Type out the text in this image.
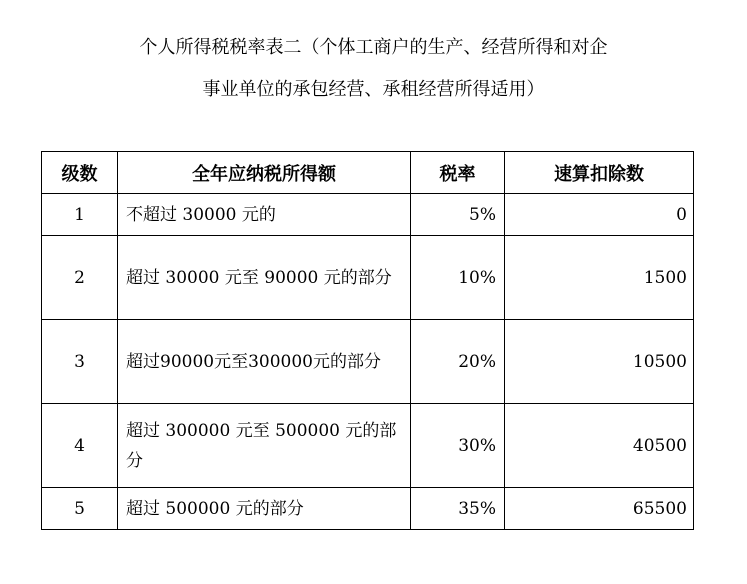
个人所得税税率表二（个体工商户的生产、经营所得和对企
事业单位的承包经营、承租经营所得适用）
级数	全年应纳税所得额	税率	速算扣除数
1	不超过 30000 元的	5%	0
2	超过 30000 元至 90000 元的部分	10%	1500
3	超过90000元至300000元的部分	20%	10500
4	超过 300000 元至 500000 元的部分	30%	40500
5	超过 500000 元的部分	35%	65500
